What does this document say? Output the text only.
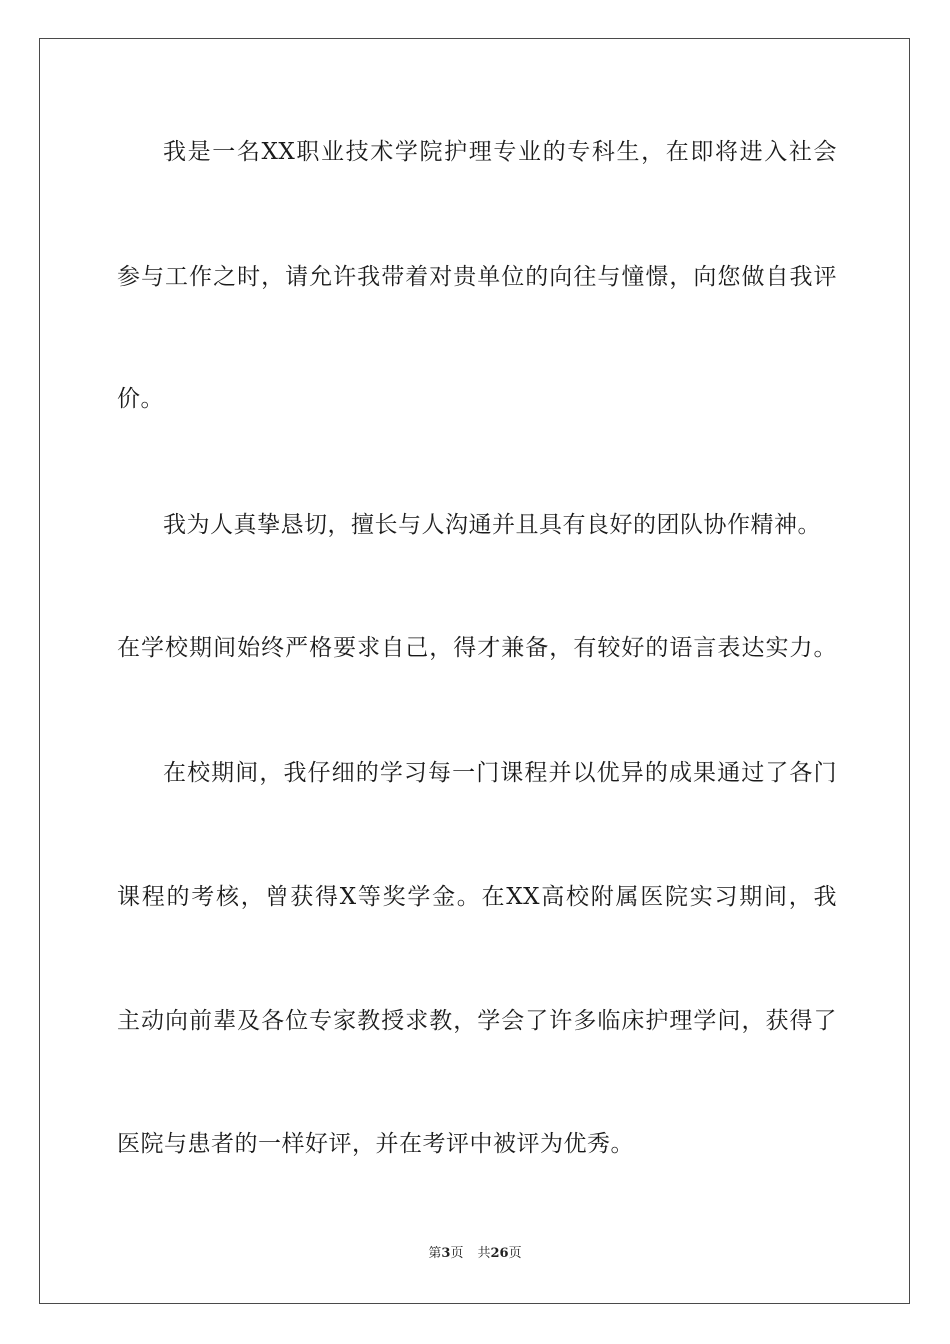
我是一名XX职业技术学院护理专业的专科生，在即将进入社会
参与工作之时，请允许我带着对贵单位的向往与憧憬，向您做自我评
价。
我为人真挚恳切，擅长与人沟通并且具有良好的团队协作精神。
在学校期间始终严格要求自己，得才兼备，有较好的语言表达实力。
在校期间，我仔细的学习每一门课程并以优异的成果通过了各门
课程的考核，曾获得X等奖学金。在XX高校附属医院实习期间，我
主动向前辈及各位专家教授求教，学会了许多临床护理学问，获得了
医院与患者的一样好评，并在考评中被评为优秀。
第3页 共26页
